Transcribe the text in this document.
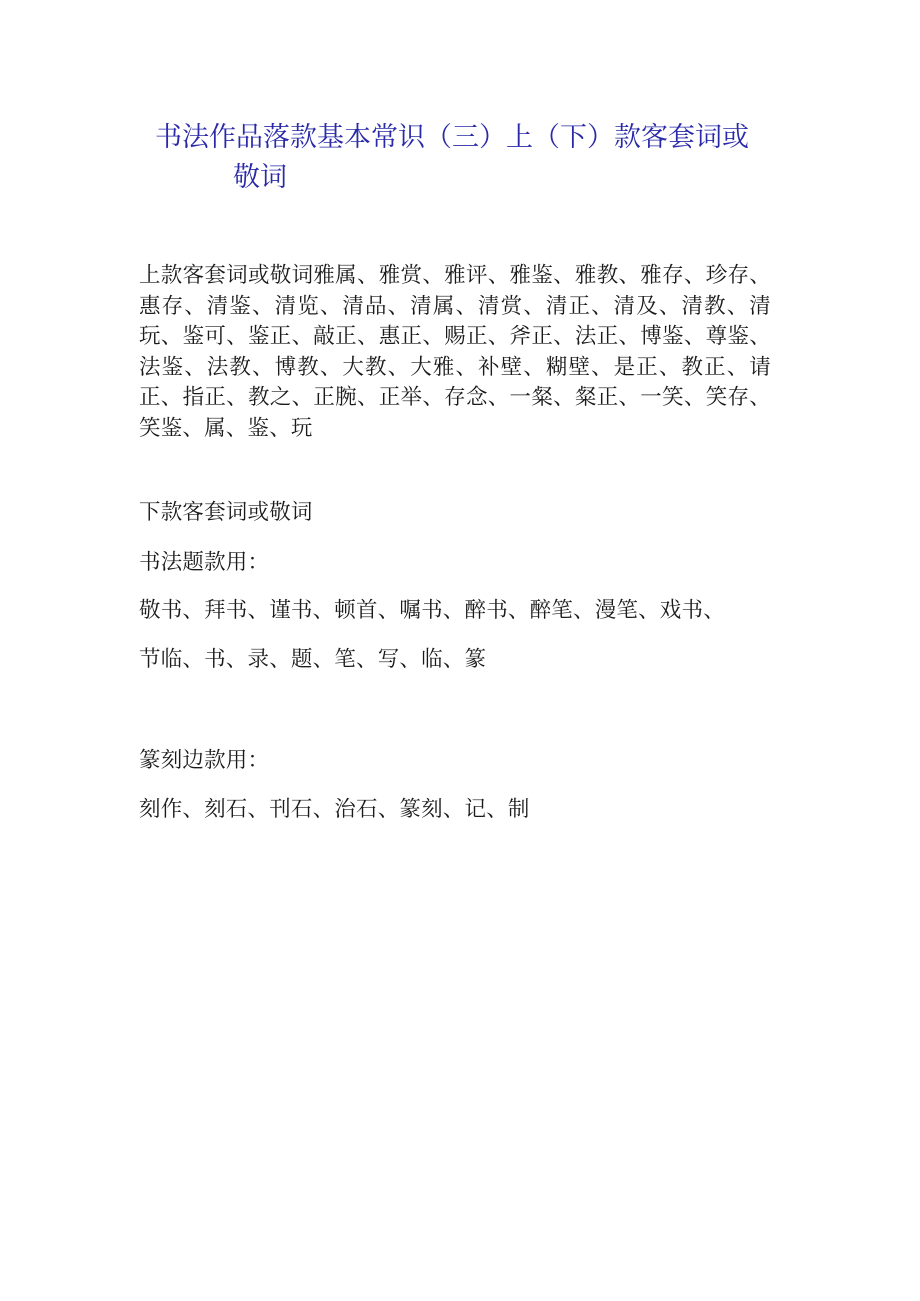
书法作品落款基本常识（三）上（下）款客套词或
敬词

上款客套词或敬词雅属、雅赏、雅评、雅鉴、雅教、雅存、珍存、惠存、清鉴、清览、清品、清属、清赏、清正、清及、清教、清玩、鉴可、鉴正、敲正、惠正、赐正、斧正、法正、博鉴、尊鉴、法鉴、法教、博教、大教、大雅、补壁、糊壁、是正、教正、请正、指正、教之、正腕、正举、存念、一粲、粲正、一笑、笑存、笑鉴、属、鉴、玩

下款客套词或敬词

书法题款用：

敬书、拜书、谨书、顿首、嘱书、醉书、醉笔、漫笔、戏书、

节临、书、录、题、笔、写、临、篆

篆刻边款用：

刻作、刻石、刊石、治石、篆刻、记、制
